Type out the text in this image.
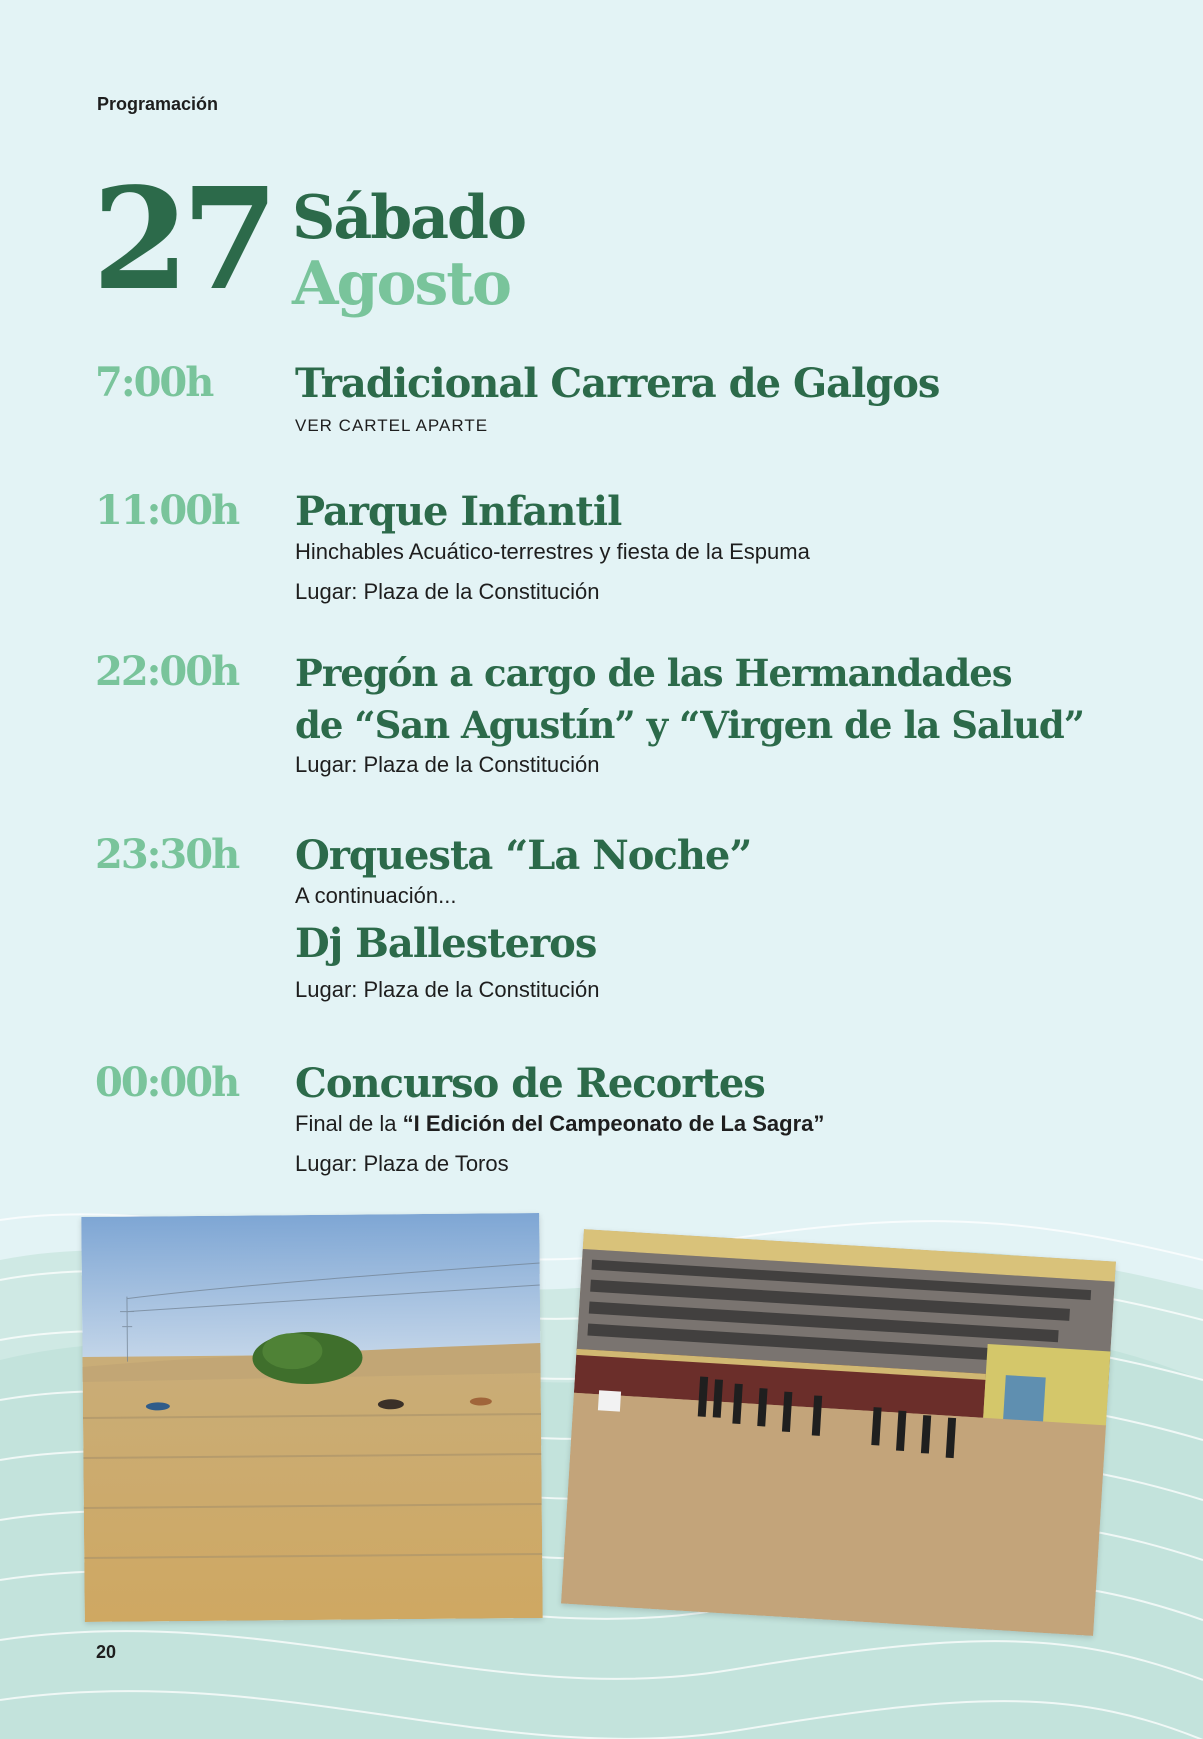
Programación
27 Sábado
Agosto
7:00h Tradicional Carrera de Galgos
VER CARTEL APARTE
11:00h Parque Infantil
Hinchables Acuático-terrestres y fiesta de la Espuma
Lugar: Plaza de la Constitución
22:00h Pregón a cargo de las Hermandades
de “San Agustín” y “Virgen de la Salud”
Lugar: Plaza de la Constitución
23:30h Orquesta “La Noche”
A continuación...
Dj Ballesteros
Lugar: Plaza de la Constitución
00:00h Concurso de Recortes
Final de la “I Edición del Campeonato de La Sagra”
Lugar: Plaza de Toros
20
